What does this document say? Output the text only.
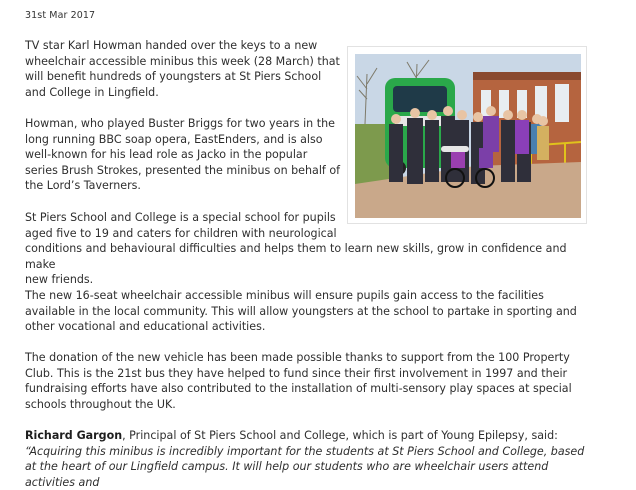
31st Mar 2017

TV star Karl Howman handed over the keys to a new wheelchair accessible minibus this week (28 March) that will benefit hundreds of youngsters at St Piers School and College in Lingfield.

Howman, who played Buster Briggs for two years in the long running BBC soap opera, EastEnders, and is also well-known for his lead role as Jacko in the popular series Brush Strokes, presented the minibus on behalf of the Lord’s Taverners.

St Piers School and College is a special school for pupils
aged five to 19 and caters for children with neurological
conditions and behavioural difficulties and helps them to learn new skills, grow in confidence and make
new friends.

The new 16-seat wheelchair accessible minibus will ensure pupils gain access to the facilities available in the local community. This will allow youngsters at the school to partake in sporting and other vocational and educational activities.

The donation of the new vehicle has been made possible thanks to support from the 100 Property Club. This is the 21st bus they have helped to fund since their first involvement in 1997 and their fundraising efforts have also contributed to the installation of multi-sensory play spaces at special schools throughout the UK.

Richard Gargon, Principal of St Piers School and College, which is part of Young Epilepsy, said:
“Acquiring this minibus is incredibly important for the students at St Piers School and College, based at the heart of our Lingfield campus. It will help our students who are wheelchair users attend activities and
